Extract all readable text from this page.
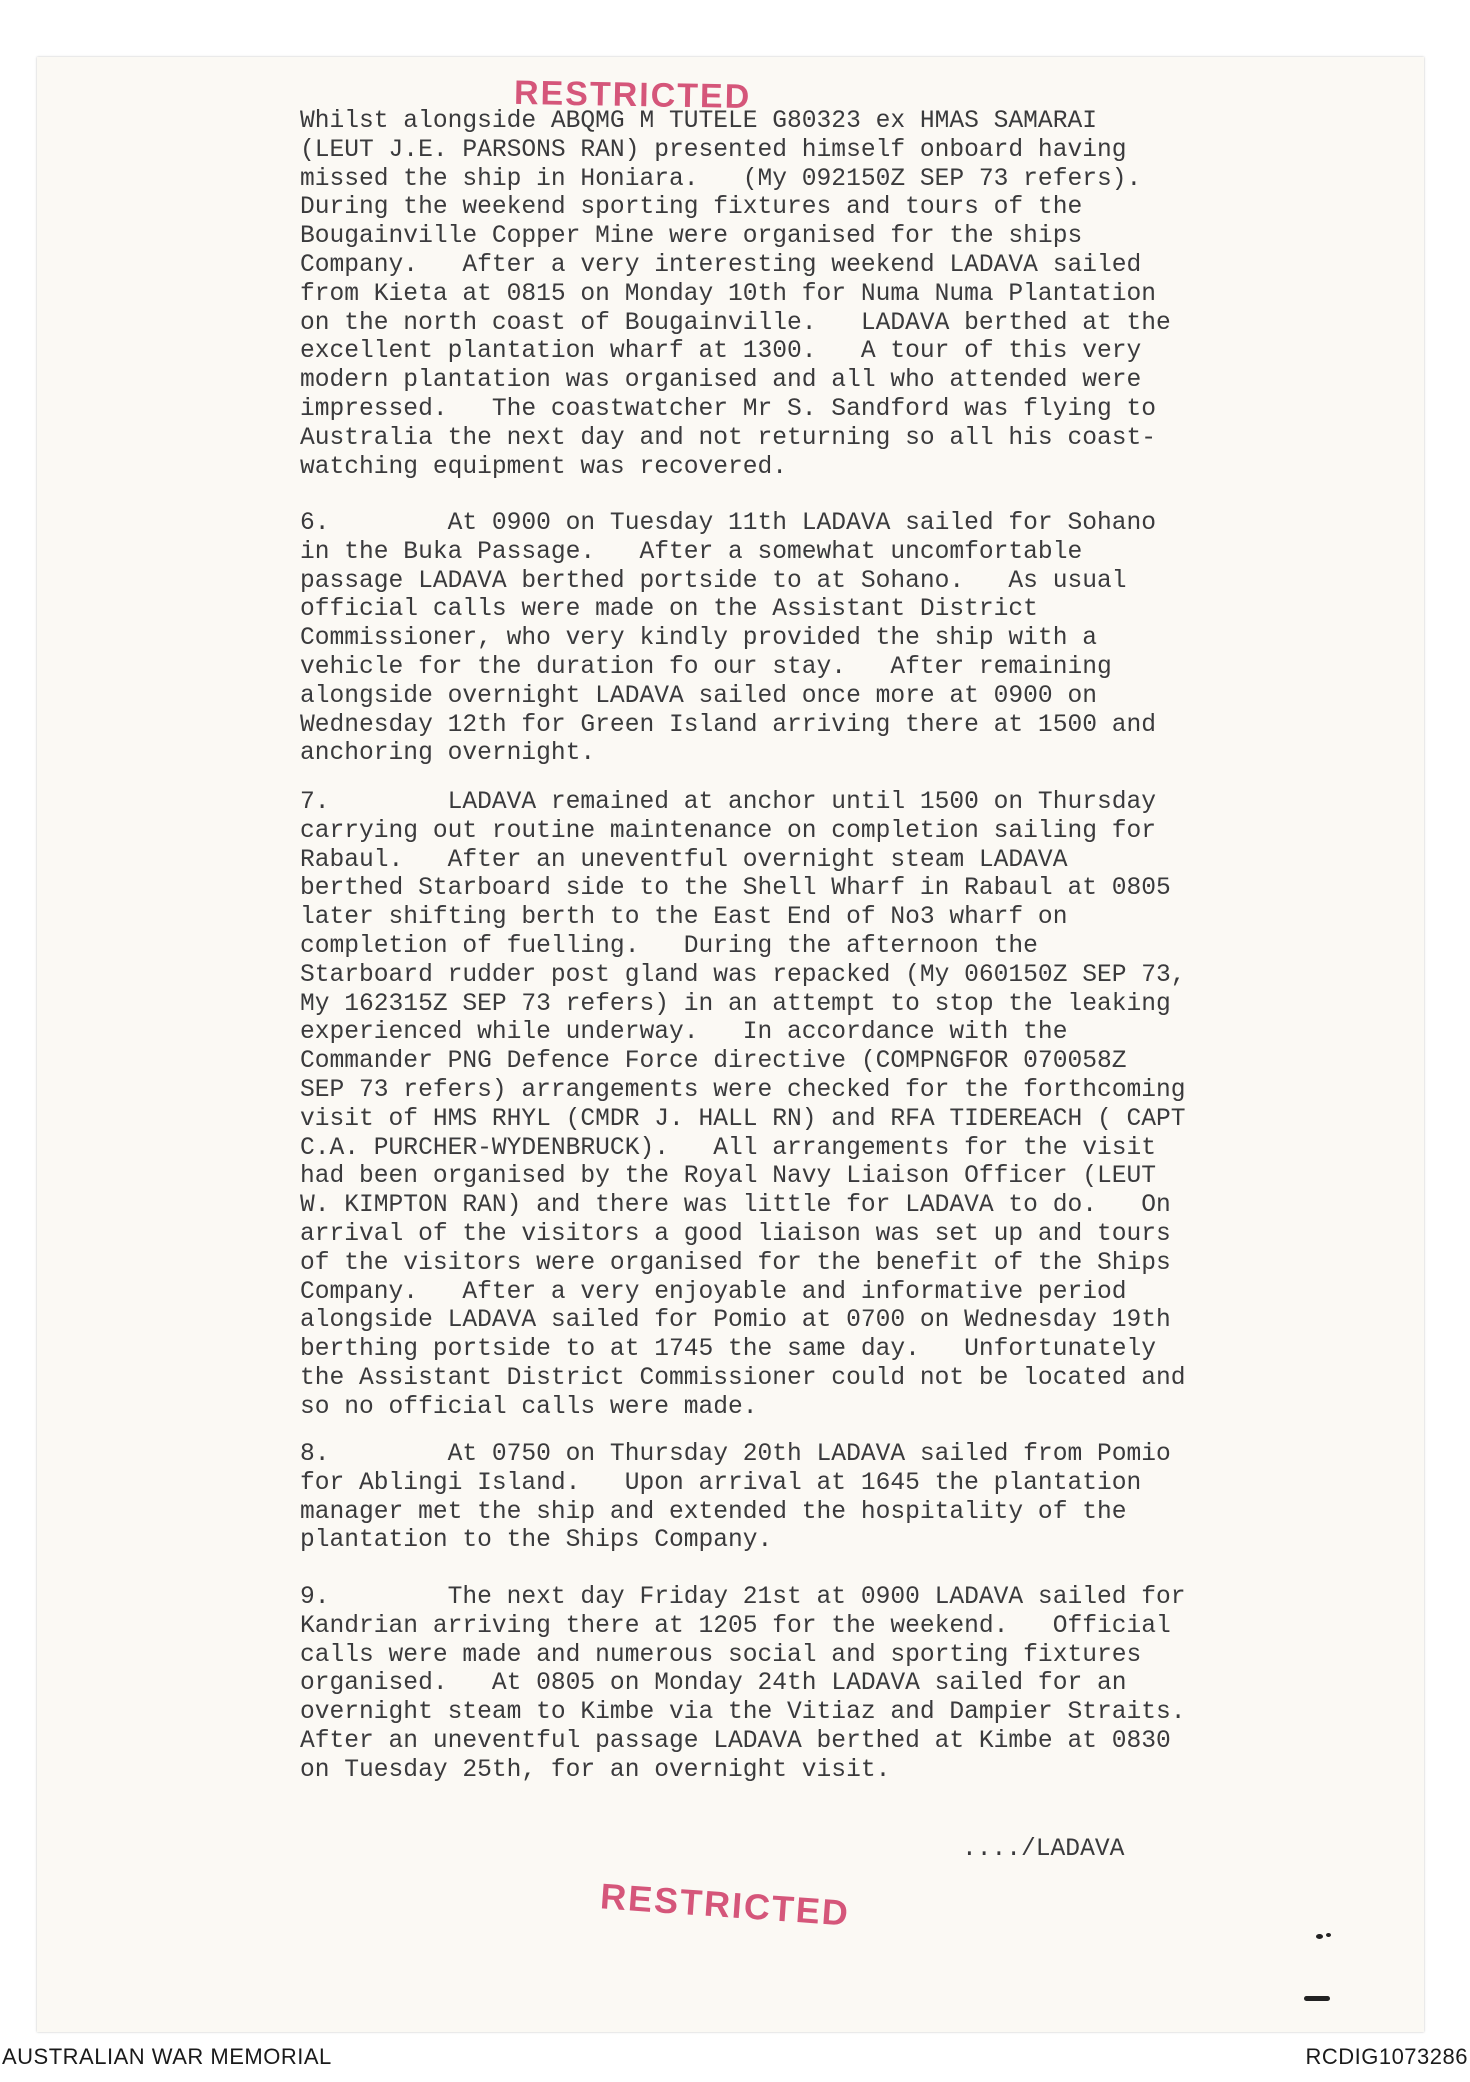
RESTRICTED
Whilst alongside ABQMG M TUTELE G80323 ex HMAS SAMARAI
(LEUT J.E. PARSONS RAN) presented himself onboard having
missed the ship in Honiara.   (My 092150Z SEP 73 refers).
During the weekend sporting fixtures and tours of the
Bougainville Copper Mine were organised for the ships
Company.   After a very interesting weekend LADAVA sailed
from Kieta at 0815 on Monday 10th for Numa Numa Plantation
on the north coast of Bougainville.   LADAVA berthed at the
excellent plantation wharf at 1300.   A tour of this very
modern plantation was organised and all who attended were
impressed.   The coastwatcher Mr S. Sandford was flying to
Australia the next day and not returning so all his coast-
watching equipment was recovered.
6.        At 0900 on Tuesday 11th LADAVA sailed for Sohano
in the Buka Passage.   After a somewhat uncomfortable
passage LADAVA berthed portside to at Sohano.   As usual
official calls were made on the Assistant District
Commissioner, who very kindly provided the ship with a
vehicle for the duration fo our stay.   After remaining
alongside overnight LADAVA sailed once more at 0900 on
Wednesday 12th for Green Island arriving there at 1500 and
anchoring overnight.
7.        LADAVA remained at anchor until 1500 on Thursday
carrying out routine maintenance on completion sailing for
Rabaul.   After an uneventful overnight steam LADAVA
berthed Starboard side to the Shell Wharf in Rabaul at 0805
later shifting berth to the East End of No3 wharf on
completion of fuelling.   During the afternoon the
Starboard rudder post gland was repacked (My 060150Z SEP 73,
My 162315Z SEP 73 refers) in an attempt to stop the leaking
experienced while underway.   In accordance with the
Commander PNG Defence Force directive (COMPNGFOR 070058Z
SEP 73 refers) arrangements were checked for the forthcoming
visit of HMS RHYL (CMDR J. HALL RN) and RFA TIDEREACH ( CAPT
C.A. PURCHER-WYDENBRUCK).   All arrangements for the visit
had been organised by the Royal Navy Liaison Officer (LEUT
W. KIMPTON RAN) and there was little for LADAVA to do.   On
arrival of the visitors a good liaison was set up and tours
of the visitors were organised for the benefit of the Ships
Company.   After a very enjoyable and informative period
alongside LADAVA sailed for Pomio at 0700 on Wednesday 19th
berthing portside to at 1745 the same day.   Unfortunately
the Assistant District Commissioner could not be located and
so no official calls were made.
8.        At 0750 on Thursday 20th LADAVA sailed from Pomio
for Ablingi Island.   Upon arrival at 1645 the plantation
manager met the ship and extended the hospitality of the
plantation to the Ships Company.
9.        The next day Friday 21st at 0900 LADAVA sailed for
Kandrian arriving there at 1205 for the weekend.   Official
calls were made and numerous social and sporting fixtures
organised.   At 0805 on Monday 24th LADAVA sailed for an
overnight steam to Kimbe via the Vitiaz and Dampier Straits.
After an uneventful passage LADAVA berthed at Kimbe at 0830
on Tuesday 25th, for an overnight visit.
..../LADAVA
RESTRICTED
AUSTRALIAN WAR MEMORIAL	RCDIG1073286
